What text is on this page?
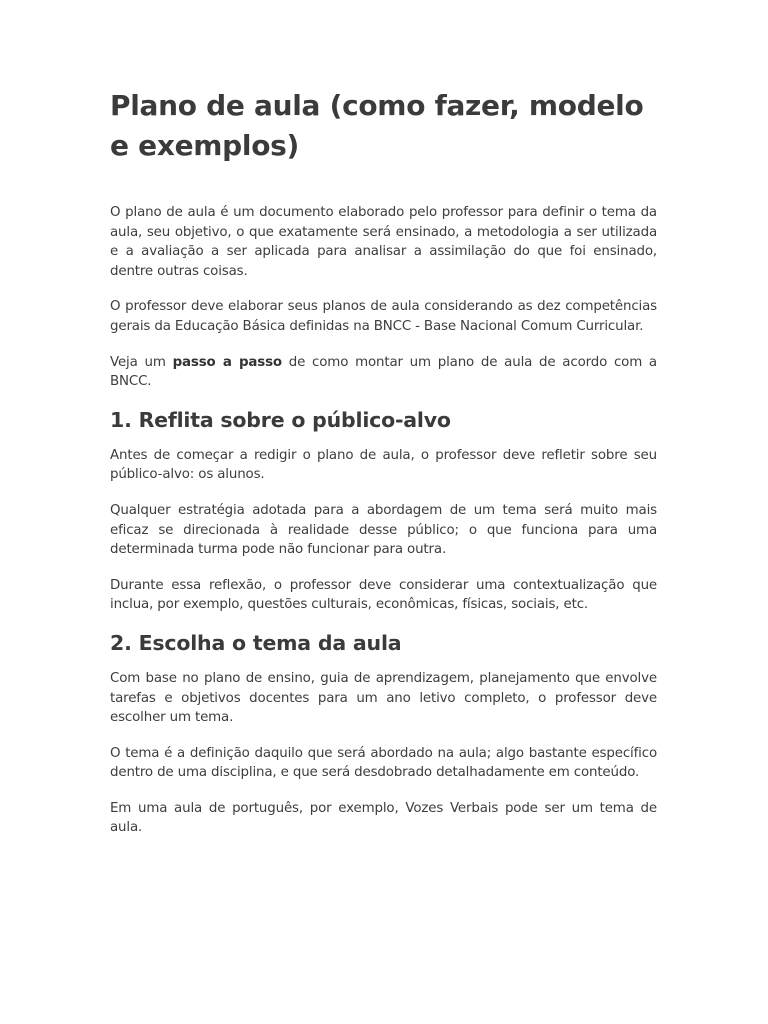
Plano de aula (como fazer, modelo e exemplos)

O plano de aula é um documento elaborado pelo professor para definir o tema da aula, seu objetivo, o que exatamente será ensinado, a metodologia a ser utilizada e a avaliação a ser aplicada para analisar a assimilação do que foi ensinado, dentre outras coisas.

O professor deve elaborar seus planos de aula considerando as dez competências gerais da Educação Básica definidas na BNCC - Base Nacional Comum Curricular.

Veja um passo a passo de como montar um plano de aula de acordo com a BNCC.

1. Reflita sobre o público-alvo

Antes de começar a redigir o plano de aula, o professor deve refletir sobre seu público-alvo: os alunos.

Qualquer estratégia adotada para a abordagem de um tema será muito mais eficaz se direcionada à realidade desse público; o que funciona para uma determinada turma pode não funcionar para outra.

Durante essa reflexão, o professor deve considerar uma contextualização que inclua, por exemplo, questões culturais, econômicas, físicas, sociais, etc.

2. Escolha o tema da aula

Com base no plano de ensino, guia de aprendizagem, planejamento que envolve tarefas e objetivos docentes para um ano letivo completo, o professor deve escolher um tema.

O tema é a definição daquilo que será abordado na aula; algo bastante específico dentro de uma disciplina, e que será desdobrado detalhadamente em conteúdo.

Em uma aula de português, por exemplo, Vozes Verbais pode ser um tema de aula.
